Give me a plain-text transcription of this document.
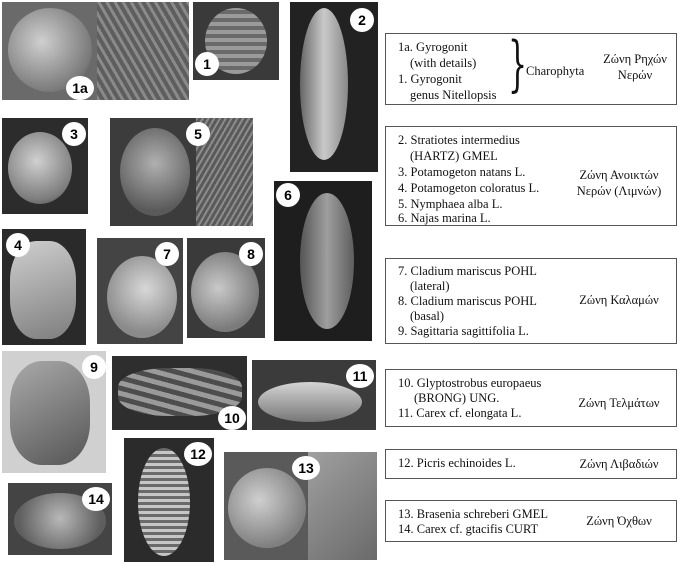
1a
1
2
3	5
6
4
7	8
9
10
11
12
13
14
1a. Gyrogonit
(with details)
1. Gyrogonit
genus Nitellopsis }
Charophyta
Ζώνη Ρηχών
Νερών
2. Stratiotes intermedius
(HARTZ) GMEL
3. Potamogeton natans L.
4. Potamogeton coloratus L.
5. Nymphaea alba L.
6. Najas marina L.
Ζώνη Ανοικτών
Νερών (Λιμνών)
7. Cladium mariscus POHL
(lateral)
8. Cladium mariscus POHL
(basal)
9. Sagittaria sagittifolia L.
Ζώνη Καλαμών
10. Glyptostrobus europaeus
(BRONG) UNG.
11. Carex cf. elongata L.
Ζώνη Τελμάτων
12. Picris echinoides L.	Ζώνη Λιβαδιών
13. Brasenia schreberi GMEL
14. Carex cf. gtacifis CURT
Ζώνη Όχθων
